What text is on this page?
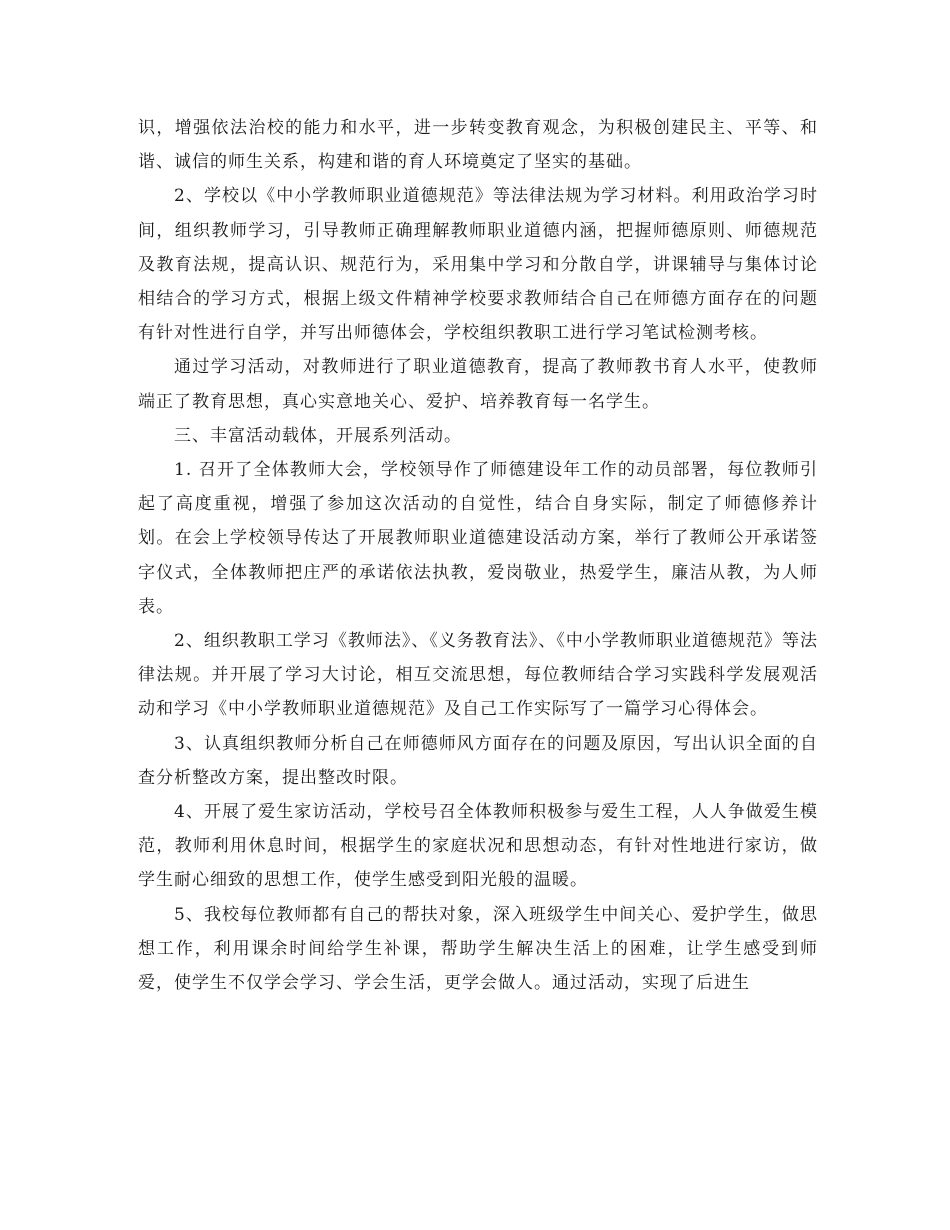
识，增强依法治校的能力和水平，进一步转变教育观念，为积极创建民主、平等、和谐、诚信的师生关系，构建和谐的育人环境奠定了坚实的基础。

2、学校以《中小学教师职业道德规范》等法律法规为学习材料。利用政治学习时间，组织教师学习，引导教师正确理解教师职业道德内涵，把握师德原则、师德规范及教育法规，提高认识、规范行为，采用集中学习和分散自学，讲课辅导与集体讨论相结合的学习方式，根据上级文件精神学校要求教师结合自己在师德方面存在的问题有针对性进行自学，并写出师德体会，学校组织教职工进行学习笔试检测考核。

通过学习活动，对教师进行了职业道德教育，提高了教师教书育人水平，使教师端正了教育思想，真心实意地关心、爱护、培养教育每一名学生。

三、丰富活动载体，开展系列活动。

1. 召开了全体教师大会，学校领导作了师德建设年工作的动员部署，每位教师引起了高度重视，增强了参加这次活动的自觉性，结合自身实际，制定了师德修养计划。在会上学校领导传达了开展教师职业道德建设活动方案，举行了教师公开承诺签字仪式，全体教师把庄严的承诺依法执教，爱岗敬业，热爱学生，廉洁从教，为人师表。

2、组织教职工学习《教师法》、《义务教育法》、《中小学教师职业道德规范》等法律法规。并开展了学习大讨论，相互交流思想，每位教师结合学习实践科学发展观活动和学习《中小学教师职业道德规范》及自己工作实际写了一篇学习心得体会。

3、认真组织教师分析自己在师德师风方面存在的问题及原因，写出认识全面的自查分析整改方案，提出整改时限。

4、开展了爱生家访活动，学校号召全体教师积极参与爱生工程，人人争做爱生模范，教师利用休息时间，根据学生的家庭状况和思想动态，有针对性地进行家访，做学生耐心细致的思想工作，使学生感受到阳光般的温暖。

5、我校每位教师都有自己的帮扶对象，深入班级学生中间关心、爱护学生，做思想工作，利用课余时间给学生补课，帮助学生解决生活上的困难，让学生感受到师爱，使学生不仅学会学习、学会生活，更学会做人。通过活动，实现了后进生
